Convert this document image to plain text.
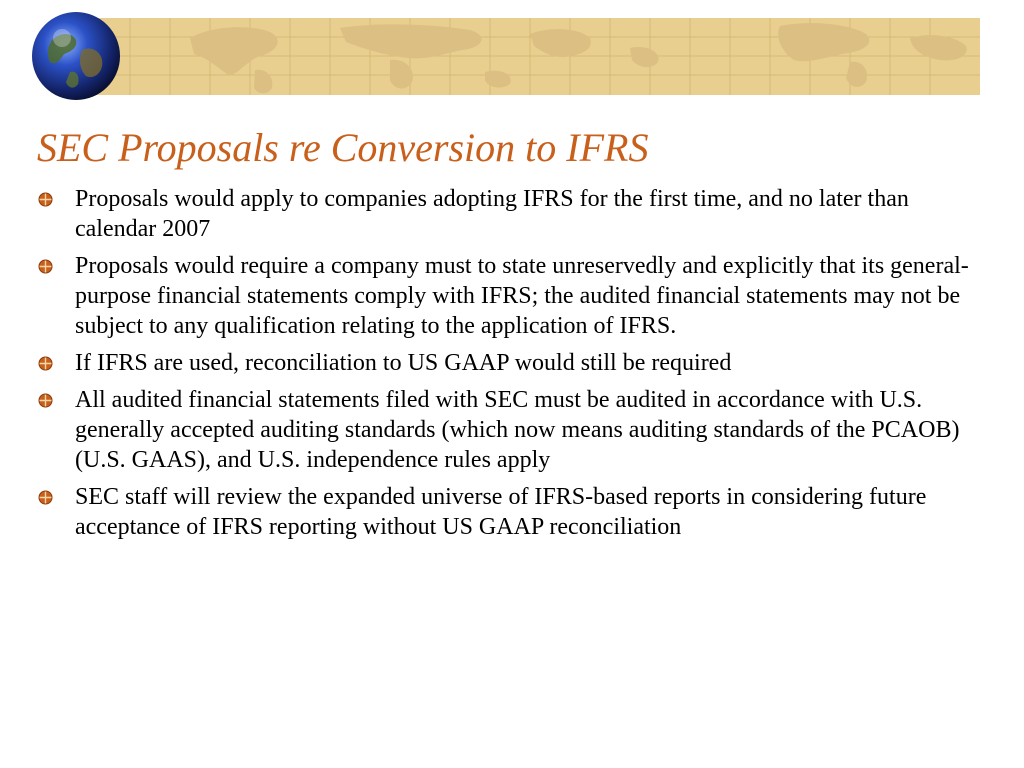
SEC Proposals re Conversion to IFRS
Proposals would apply to companies adopting IFRS for the first time, and no later than calendar 2007
Proposals would require a company must to state unreservedly and explicitly that its general-purpose financial statements comply with IFRS; the audited financial statements may not be subject to any qualification relating to the application of IFRS.
If IFRS are used, reconciliation to US GAAP would still be required
All audited financial statements filed with SEC must be audited in accordance with U.S. generally accepted auditing standards (which now means auditing standards of the PCAOB) (U.S. GAAS), and U.S. independence rules apply
SEC staff will review the expanded universe of IFRS-based reports in considering future acceptance of IFRS reporting without US GAAP reconciliation
